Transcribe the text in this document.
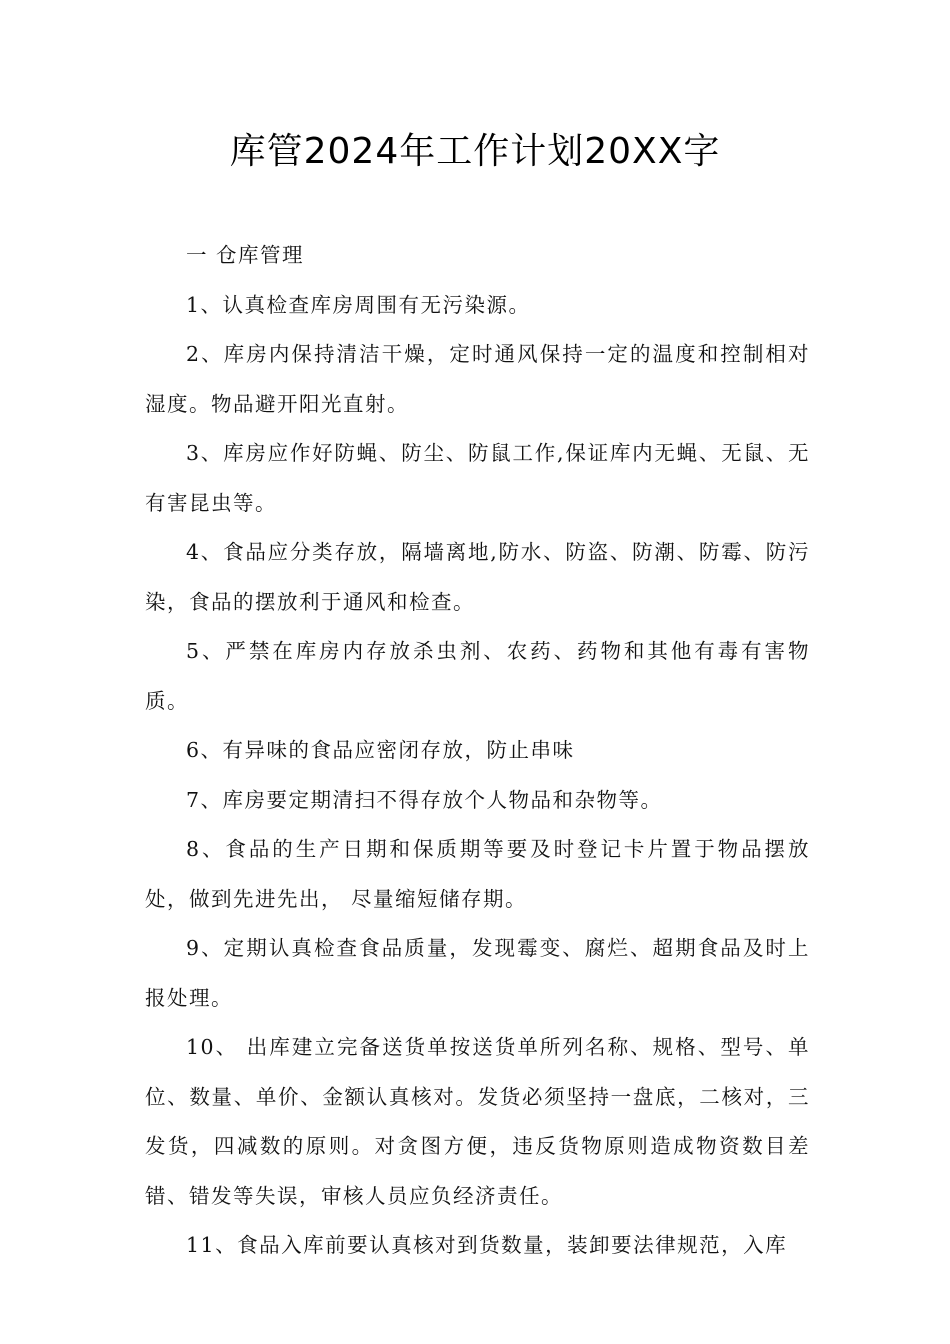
库管2024年工作计划20XX字

一 仓库管理

1、认真检查库房周围有无污染源。

2、库房内保持清洁干燥，定时通风保持一定的温度和控制相对湿度。物品避开阳光直射。

3、库房应作好防蝇、防尘、防鼠工作,保证库内无蝇、无鼠、无有害昆虫等。

4、食品应分类存放，隔墙离地,防水、防盗、防潮、防霉、防污染，食品的摆放利于通风和检查。

5、严禁在库房内存放杀虫剂、农药、药物和其他有毒有害物质。

6、有异味的食品应密闭存放，防止串味

7、库房要定期清扫不得存放个人物品和杂物等。

8、食品的生产日期和保质期等要及时登记卡片置于物品摆放处，做到先进先出， 尽量缩短储存期。

9、定期认真检查食品质量，发现霉变、腐烂、超期食品及时上报处理。

10、 出库建立完备送货单按送货单所列名称、规格、型号、单位、数量、单价、金额认真核对。发货必须坚持一盘底，二核对，三发货，四减数的原则。对贪图方便，违反货物原则造成物资数目差错、错发等失误，审核人员应负经济责任。

11、食品入库前要认真核对到货数量，装卸要法律规范，入库
